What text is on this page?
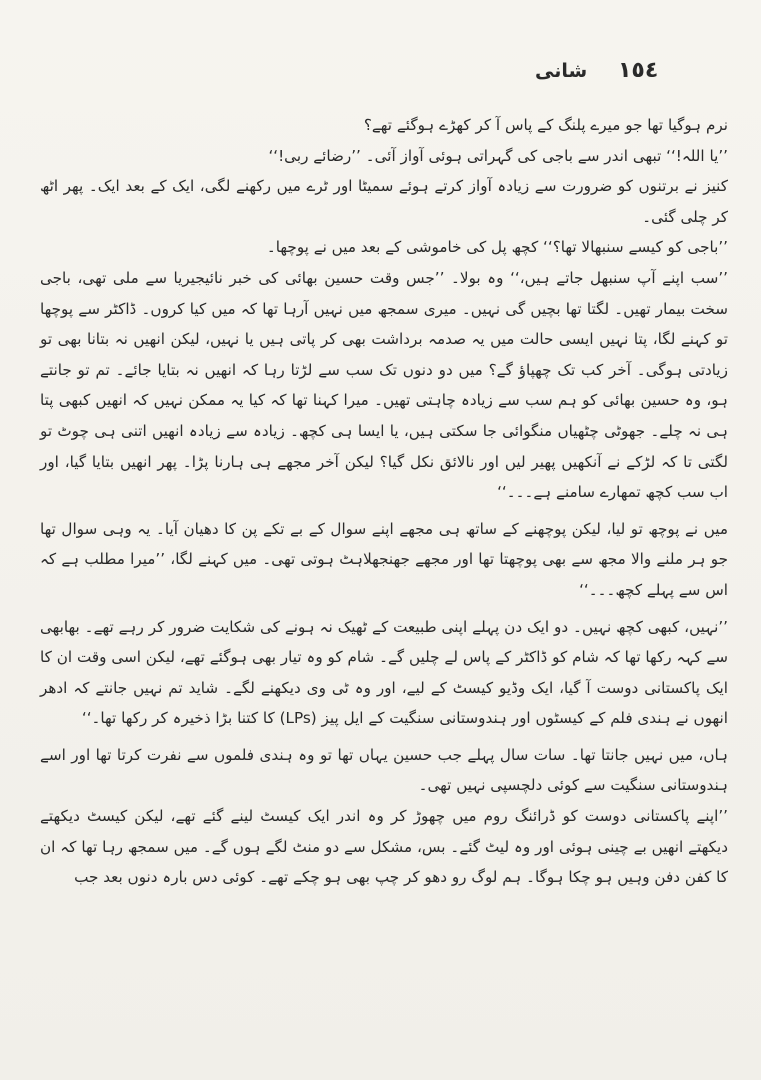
شانی ١٥٤

نرم ہوگیا تھا جو میرے پلنگ کے پاس آ کر کھڑے ہوگئے تھے؟

’’یا اللہ!‘‘ تبھی اندر سے باجی کی گہراتی ہوئی آواز آئی۔ ’’رضائے ربی!‘‘

کنیز نے برتنوں کو ضرورت سے زیادہ آواز کرتے ہوئے سمیٹا اور ٹرے میں رکھنے لگی، ایک کے بعد ایک۔ پھر اٹھ کر چلی گئی۔

’’باجی کو کیسے سنبھالا تھا؟‘‘ کچھ پل کی خاموشی کے بعد میں نے پوچھا۔

’’سب اپنے آپ سنبھل جاتے ہیں،‘‘ وہ بولا۔ ’’جس وقت حسین بھائی کی خبر نائیجیریا سے ملی تھی، باجی سخت بیمار تھیں۔ لگتا تھا بچیں گی نہیں۔ میری سمجھ میں نہیں آرہا تھا کہ میں کیا کروں۔ ڈاکٹر سے پوچھا تو کہنے لگا، پتا نہیں ایسی حالت میں یہ صدمہ برداشت بھی کر پاتی ہیں یا نہیں، لیکن انھیں نہ بتانا بھی تو زیادتی ہوگی۔ آخر کب تک چھپاؤ گے؟ میں دو دنوں تک سب سے لڑتا رہا کہ انھیں نہ بتایا جائے۔ تم تو جانتے ہو، وہ حسین بھائی کو ہم سب سے زیادہ چاہتی تھیں۔ میرا کہنا تھا کہ کیا یہ ممکن نہیں کہ انھیں کبھی پتا ہی نہ چلے۔ جھوٹی چٹھیاں منگوائی جا سکتی ہیں، یا ایسا ہی کچھ۔ زیادہ سے زیادہ انھیں اتنی ہی چوٹ تو لگتی تا کہ لڑکے نے آنکھیں پھیر لیں اور نالائق نکل گیا؟ لیکن آخر مجھے ہی ہارنا پڑا۔ پھر انھیں بتایا گیا، اور اب سب کچھ تمھارے سامنے ہے۔۔۔‘‘

میں نے پوچھ تو لیا، لیکن پوچھنے کے ساتھ ہی مجھے اپنے سوال کے بے تکے پن کا دھیان آیا۔ یہ وہی سوال تھا جو ہر ملنے والا مجھ سے بھی پوچھتا تھا اور مجھے جھنجھلاہٹ ہوتی تھی۔ میں کہنے لگا، ’’میرا مطلب ہے کہ اس سے پہلے کچھ۔۔۔‘‘

’’نہیں، کبھی کچھ نہیں۔ دو ایک دن پہلے اپنی طبیعت کے ٹھیک نہ ہونے کی شکایت ضرور کر رہے تھے۔ بھابھی سے کہہ رکھا تھا کہ شام کو ڈاکٹر کے پاس لے چلیں گے۔ شام کو وہ تیار بھی ہوگئے تھے، لیکن اسی وقت ان کا ایک پاکستانی دوست آ گیا، ایک وڈیو کیسٹ کے لیے، اور وہ ٹی وی دیکھنے لگے۔ شاید تم نہیں جانتے کہ ادھر انھوں نے ہندی فلم کے کیسٹوں اور ہندوستانی سنگیت کے ایل پیز (LPs) کا کتنا بڑا ذخیرہ کر رکھا تھا۔‘‘

ہاں، میں نہیں جانتا تھا۔ سات سال پہلے جب حسین یہاں تھا تو وہ ہندی فلموں سے نفرت کرتا تھا اور اسے ہندوستانی سنگیت سے کوئی دلچسپی نہیں تھی۔

’’اپنے پاکستانی دوست کو ڈرائنگ روم میں چھوڑ کر وہ اندر ایک کیسٹ لینے گئے تھے، لیکن کیسٹ دیکھتے دیکھتے انھیں بے چینی ہوئی اور وہ لیٹ گئے۔ بس، مشکل سے دو منٹ لگے ہوں گے۔ میں سمجھ رہا تھا کہ ان کا کفن دفن وہیں ہو چکا ہوگا۔ ہم لوگ رو دھو کر چپ بھی ہو چکے تھے۔ کوئی دس بارہ دنوں بعد جب
